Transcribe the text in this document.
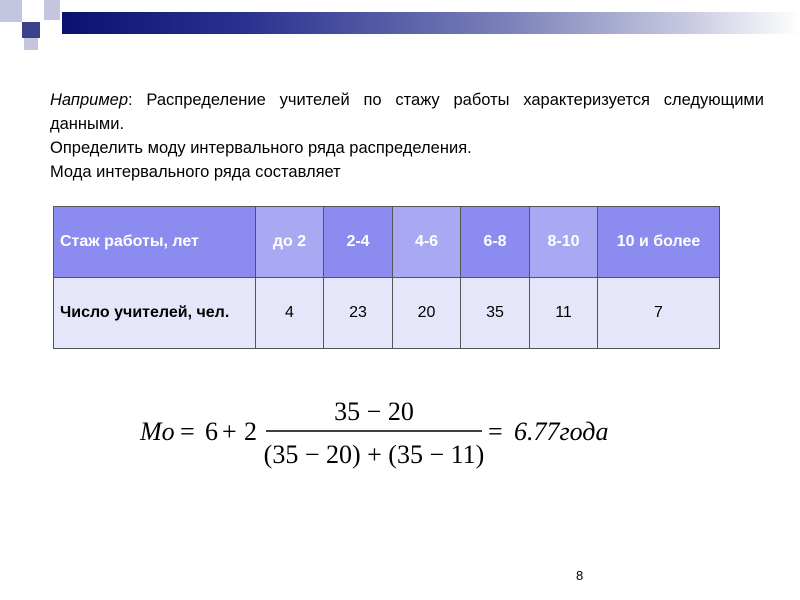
Например: Распределение учителей по стажу работы характеризуется следующими данными.

Определить моду интервального ряда распределения.

Мода интервального ряда составляет

Стаж работы, лет	до 2	2-4	4-6	6-8	8-10	10 и более
Число учителей, чел.	4	23	20	35	11	7
Mo = 6 + 2
35 − 20
(35 − 20) + (35 − 11)
= 6.77года
8
